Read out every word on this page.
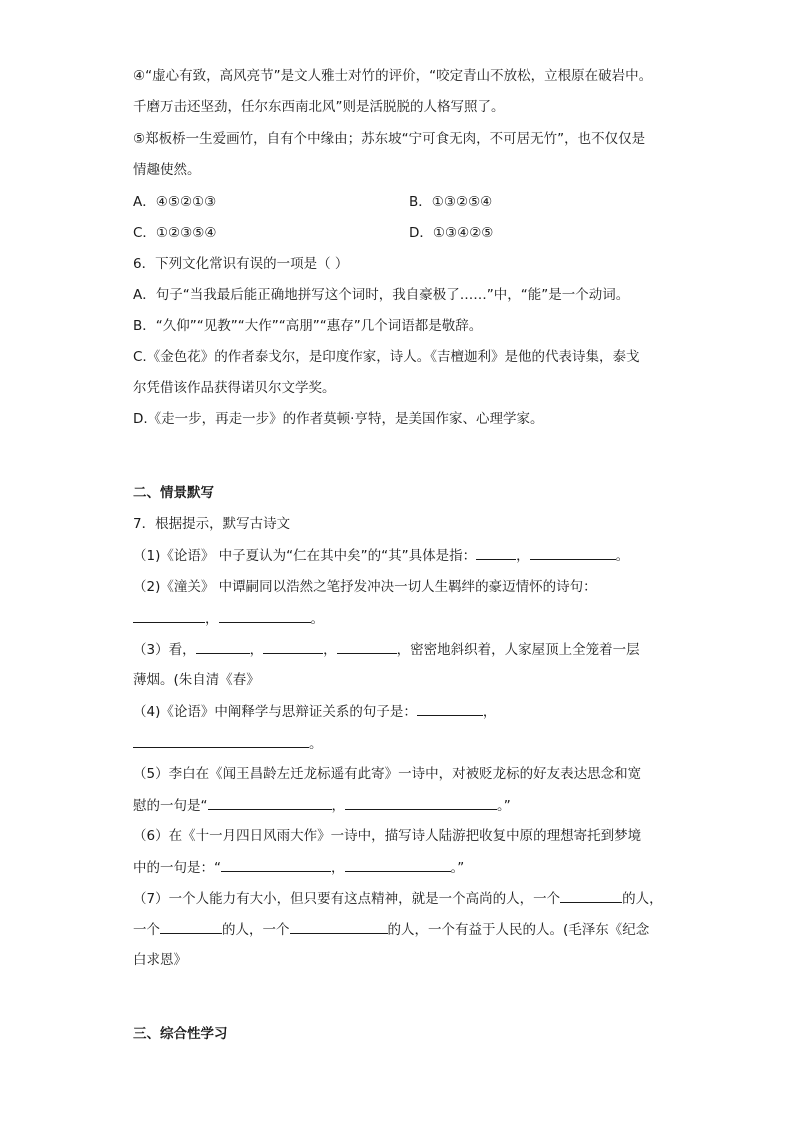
④“虚心有致，高风亮节”是文人雅士对竹的评价，“咬定青山不放松，立根原在破岩中。
千磨万击还坚劲，任尔东西南北风”则是活脱脱的人格写照了。
⑤郑板桥一生爱画竹，自有个中缘由；苏东坡“宁可食无肉，不可居无竹”，也不仅仅是
情趣使然。
A．④⑤②①③	B．①③②⑤④
C．①②③⑤④	D．①③④②⑤
6．下列文化常识有误的一项是（ ）
A．句子“当我最后能正确地拼写这个词时，我自豪极了……”中，“能”是一个动词。
B．“久仰”“见教”“大作”“高朋”“惠存”几个词语都是敬辞。
C.《金色花》的作者泰戈尔，是印度作家，诗人。《吉檀迦利》是他的代表诗集，泰戈
尔凭借该作品获得诺贝尔文学奖。
D.《走一步，再走一步》的作者莫顿·亨特，是美国作家、心理学家。
二、情景默写
7．根据提示，默写古诗文
（1)《论语》 中子夏认为“仁在其中矣”的“其”具体是指：	，	。
（2)《潼关》 中谭嗣同以浩然之笔抒发冲决一切人生羁绊的豪迈情怀的诗句：
，	。
（3）看，	，	，	，密密地斜织着，人家屋顶上全笼着一层
薄烟。(朱自清《春》
（4)《论语》中阐释学与思辩证关系的句子是：	，
。
（5）李白在《闻王昌龄左迁龙标遥有此寄》一诗中，对被贬龙标的好友表达思念和宽
慰的一句是“	，	。”
（6）在《十一月四日风雨大作》一诗中，描写诗人陆游把收复中原的理想寄托到梦境
中的一句是：“	，	。”
（7）一个人能力有大小，但只要有这点精神，就是一个高尚的人，一个	的人，
一个	的人，一个	的人，一个有益于人民的人。(毛泽东《纪念
白求恩》
三、综合性学习
